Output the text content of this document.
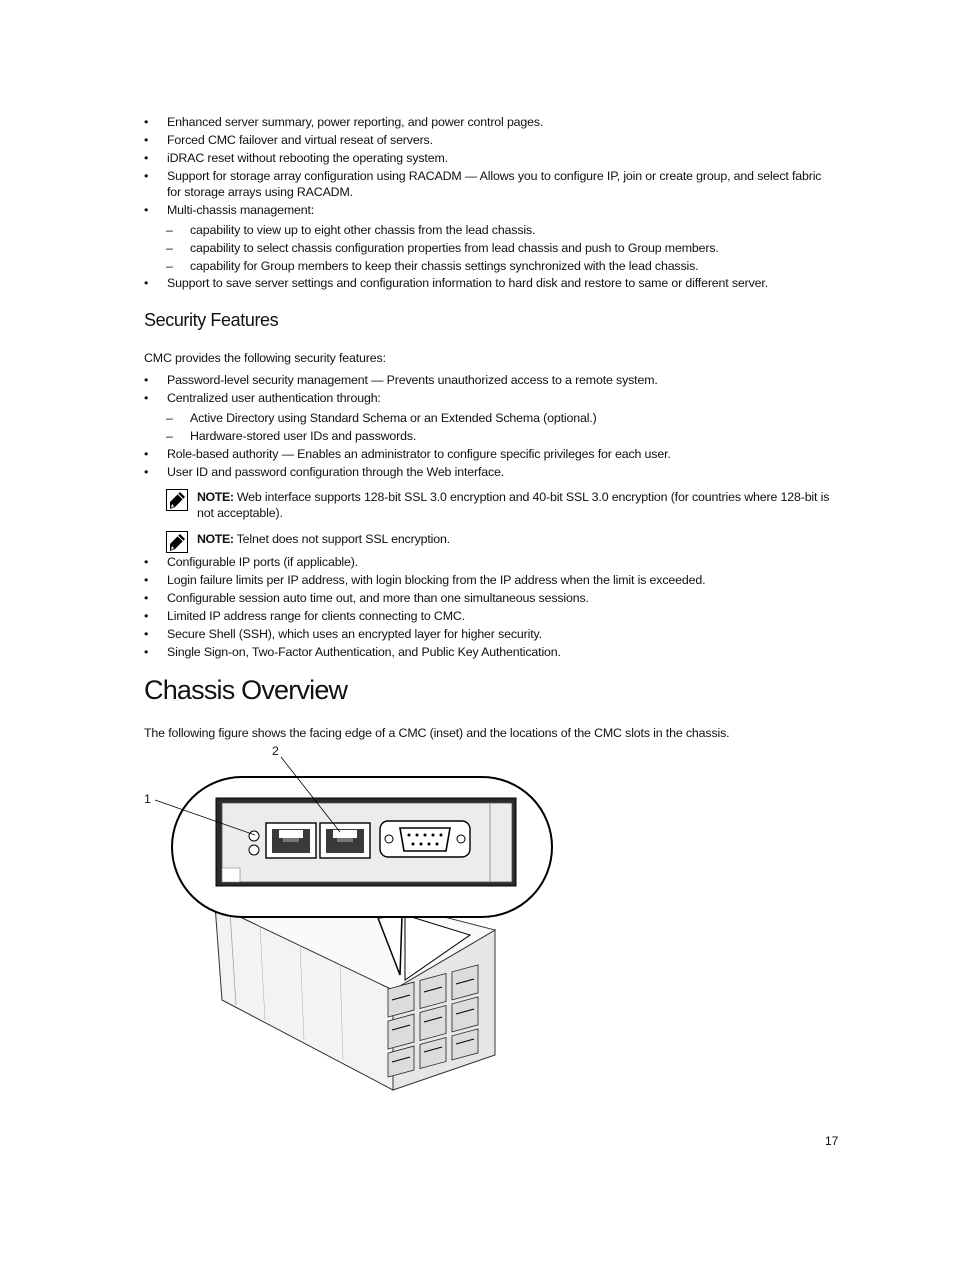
• Enhanced server summary, power reporting, and power control pages.
• Forced CMC failover and virtual reseat of servers.
• iDRAC reset without rebooting the operating system.
• Support for storage array configuration using RACADM — Allows you to configure IP, join or create group, and select fabric for storage arrays using RACADM.
• Multi-chassis management:
– capability to view up to eight other chassis from the lead chassis.
– capability to select chassis configuration properties from lead chassis and push to Group members.
– capability for Group members to keep their chassis settings synchronized with the lead chassis.
• Support to save server settings and configuration information to hard disk and restore to same or different server.
Security Features
CMC provides the following security features:
• Password-level security management — Prevents unauthorized access to a remote system.
• Centralized user authentication through:
– Active Directory using Standard Schema or an Extended Schema (optional.)
– Hardware-stored user IDs and passwords.
• Role-based authority — Enables an administrator to configure specific privileges for each user.
• User ID and password configuration through the Web interface.
NOTE: Web interface supports 128-bit SSL 3.0 encryption and 40-bit SSL 3.0 encryption (for countries where 128-bit is not acceptable).
NOTE: Telnet does not support SSL encryption.
• Configurable IP ports (if applicable).
• Login failure limits per IP address, with login blocking from the IP address when the limit is exceeded.
• Configurable session auto time out, and more than one simultaneous sessions.
• Limited IP address range for clients connecting to CMC.
• Secure Shell (SSH), which uses an encrypted layer for higher security.
• Single Sign-on, Two-Factor Authentication, and Public Key Authentication.
Chassis Overview
The following figure shows the facing edge of a CMC (inset) and the locations of the CMC slots in the chassis.
2
1
17
